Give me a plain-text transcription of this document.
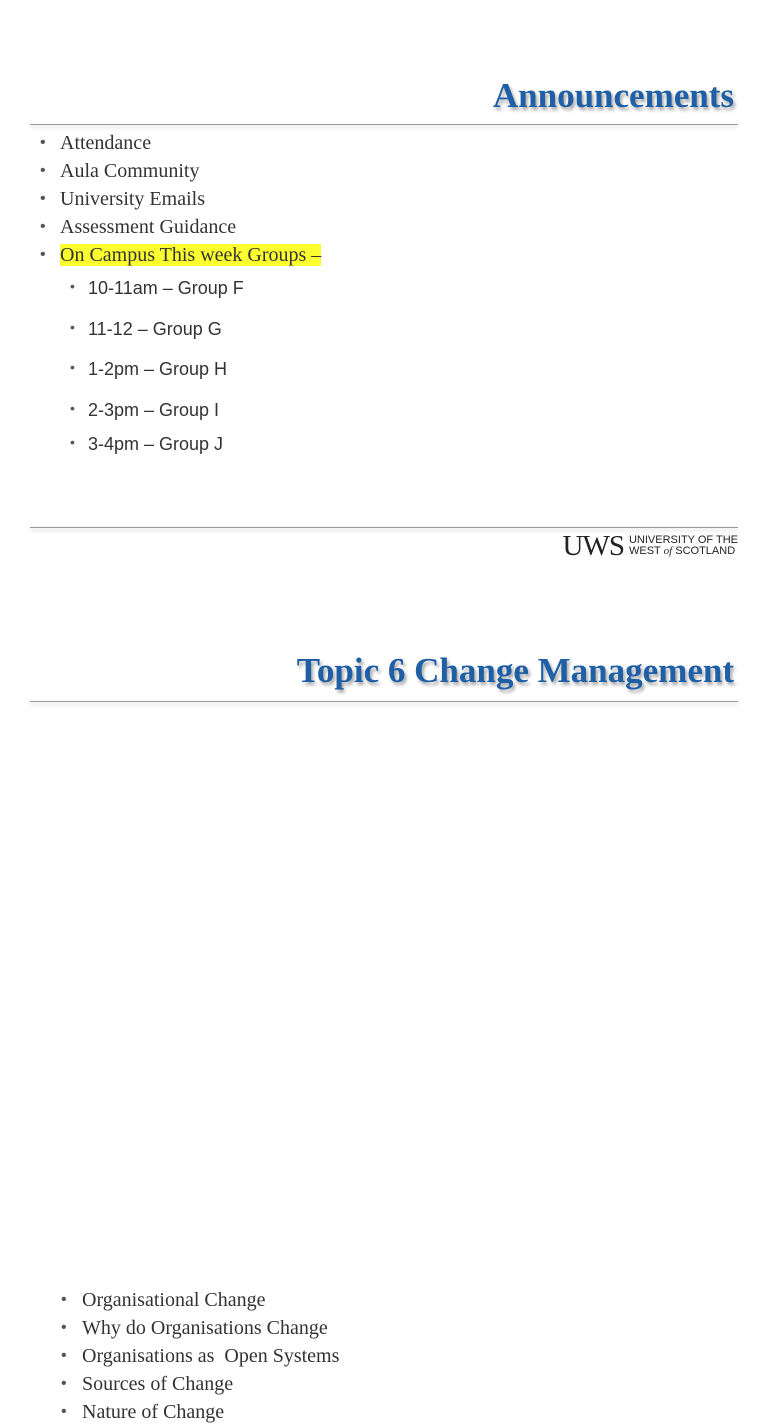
Announcements
• Attendance
• Aula Community
• University Emails
• Assessment Guidance
• On Campus This week Groups –
• 10-11am – Group F
• 11-12 – Group G
• 1-2pm – Group H
• 2-3pm – Group I
• 3-4pm – Group J
UWS UNIVERSITY OF THE
WEST of SCOTLAND
Topic 6 Change Management
• Organisational Change
• Why do Organisations Change
• Organisations as  Open Systems
• Sources of Change
• Nature of Change
